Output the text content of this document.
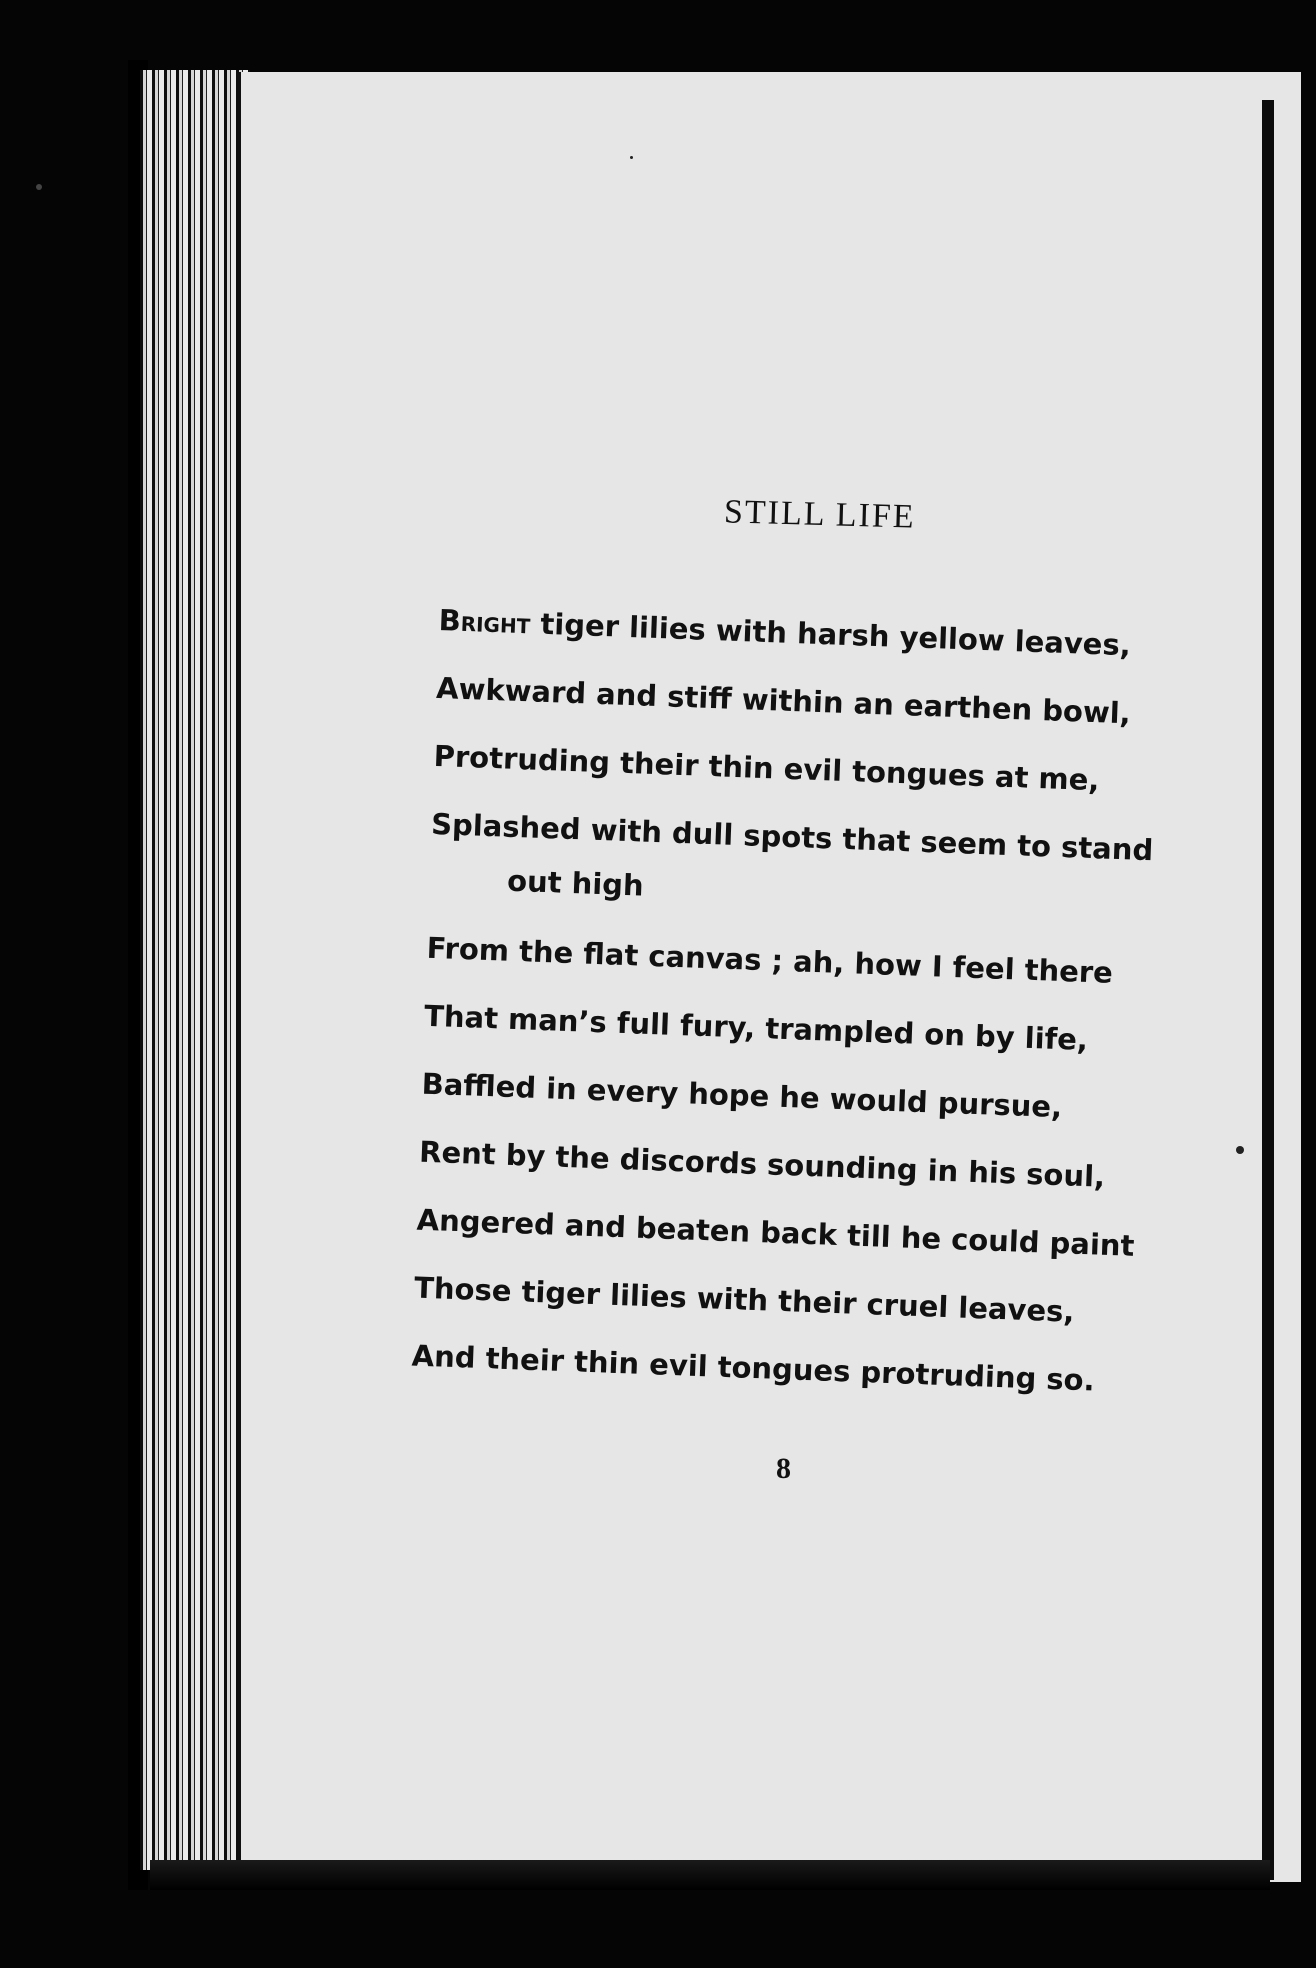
STILL LIFE
Bright tiger lilies with harsh yellow leaves,
Awkward and stiff within an earthen bowl,
Protruding their thin evil tongues at me,
Splashed with dull spots that seem to stand
out high
From the flat canvas ; ah, how I feel there
That man’s full fury, trampled on by life,
Baffled in every hope he would pursue,
Rent by the discords sounding in his soul,
Angered and beaten back till he could paint
Those tiger lilies with their cruel leaves,
And their thin evil tongues protruding so.
8
